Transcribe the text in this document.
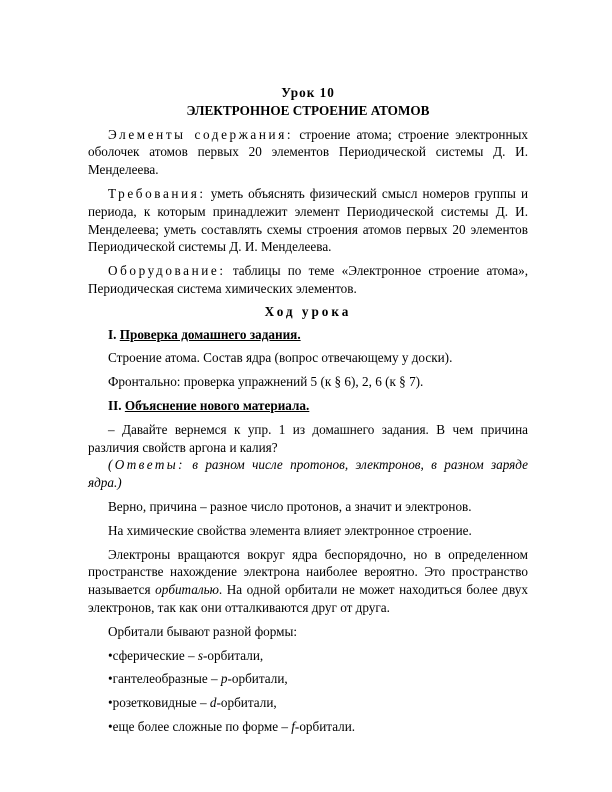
Урок 10
ЭЛЕКТРОННОЕ СТРОЕНИЕ АТОМОВ

Элементы содержания: строение атома; строение электронных оболочек атомов первых 20 элементов Периодической системы Д. И. Менделеева.

Требования: уметь объяснять физический смысл номеров группы и периода, к которым принадлежит элемент Периодической системы Д. И. Менделеева; уметь составлять схемы строения атомов первых 20 элементов Периодической системы Д. И. Менделеева.

Оборудование: таблицы по теме «Электронное строение атома», Периодическая система химических элементов.

Ход урока

I. Проверка домашнего задания.

Строение атома. Состав ядра (вопрос отвечающему у доски).

Фронтально: проверка упражнений 5 (к § 6), 2, 6 (к § 7).

II. Объяснение нового материала.

– Давайте вернемся к упр. 1 из домашнего задания. В чем причина различия свойств аргона и калия?

(Ответы: в разном числе протонов, электронов, в разном заряде ядра.)

Верно, причина – разное число протонов, а значит и электронов.

На химические свойства элемента влияет электронное строение.

Электроны вращаются вокруг ядра беспорядочно, но в определенном пространстве нахождение электрона наиболее вероятно. Это пространство называется орбиталью. На одной орбитали не может находиться более двух электронов, так как они отталкиваются друг от друга.

Орбитали бывают разной формы:

•сферические – s-орбитали,

•гантелеобразные – p-орбитали,

•розетковидные – d-орбитали,

•еще более сложные по форме – f-орбитали.
